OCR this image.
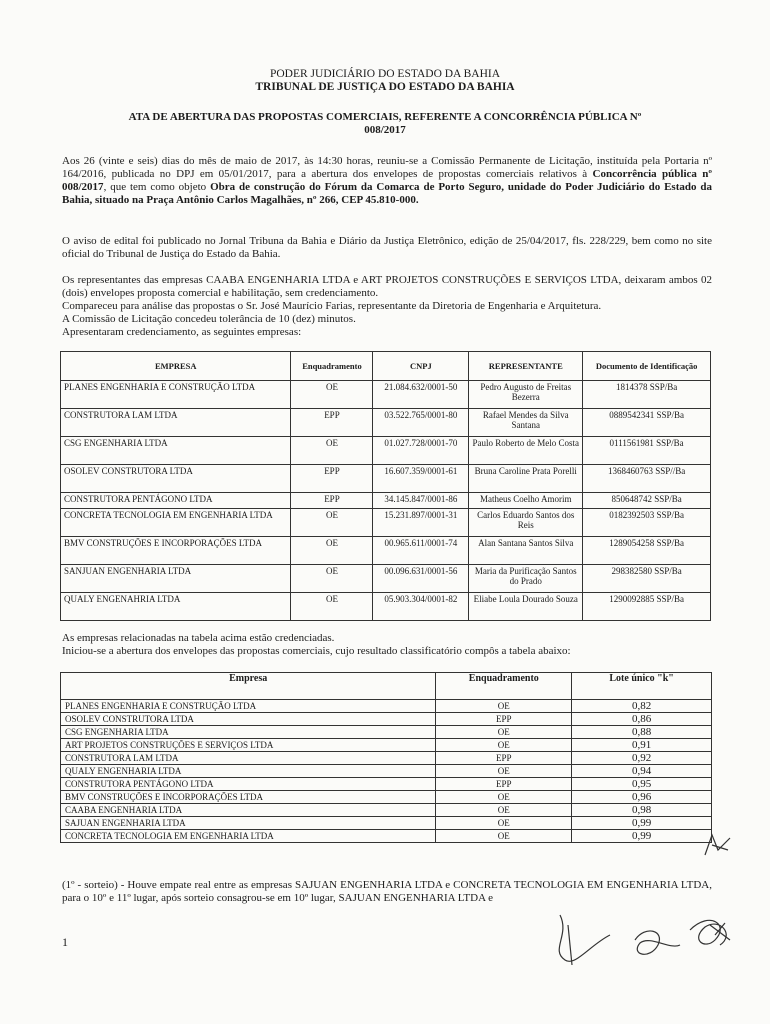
PODER JUDICIÁRIO DO ESTADO DA BAHIA
TRIBUNAL DE JUSTIÇA DO ESTADO DA BAHIA
ATA DE ABERTURA DAS PROPOSTAS COMERCIAIS, REFERENTE A CONCORRÊNCIA PÚBLICA Nº
008/2017
Aos 26 (vinte e seis) dias do mês de maio de 2017, às 14:30 horas, reuniu-se a Comissão Permanente de Licitação, instituída pela Portaria nº 164/2016, publicada no DPJ em 05/01/2017, para a abertura dos envelopes de propostas comerciais relativos à Concorrência pública nº 008/2017, que tem como objeto Obra de construção do Fórum da Comarca de Porto Seguro, unidade do Poder Judiciário do Estado da Bahia, situado na Praça Antônio Carlos Magalhães, nº 266, CEP 45.810-000.
O aviso de edital foi publicado no Jornal Tribuna da Bahia e Diário da Justiça Eletrônico, edição de 25/04/2017, fls. 228/229, bem como no site oficial do Tribunal de Justiça do Estado da Bahia.
Os representantes das empresas CAABA ENGENHARIA LTDA e ART PROJETOS CONSTRUÇÕES E SERVIÇOS LTDA, deixaram ambos 02 (dois) envelopes proposta comercial e habilitação, sem credenciamento.
Compareceu para análise das propostas o Sr. José Maurício Farias, representante da Diretoria de Engenharia e Arquitetura.
A Comissão de Licitação concedeu tolerância de 10 (dez) minutos.
Apresentaram credenciamento, as seguintes empresas:
EMPRESA	Enquadramento	CNPJ	REPRESENTANTE	Documento de Identificação
PLANES ENGENHARIA E CONSTRUÇÃO LTDA	OE	21.084.632/0001-50	Pedro Augusto de Freitas Bezerra	1814378 SSP/Ba
CONSTRUTORA LAM LTDA	EPP	03.522.765/0001-80	Rafael Mendes da Silva Santana	0889542341 SSP/Ba
CSG ENGENHARIA LTDA	OE	01.027.728/0001-70	Paulo Roberto de Melo Costa	0111561981 SSP/Ba
OSOLEV CONSTRUTORA LTDA	EPP	16.607.359/0001-61	Bruna Caroline Prata Porelli	1368460763 SSP//Ba
CONSTRUTORA PENTÁGONO LTDA	EPP	34.145.847/0001-86	Matheus Coelho Amorim	850648742 SSP/Ba
CONCRETA TECNOLOGIA EM ENGENHARIA LTDA	OE	15.231.897/0001-31	Carlos Eduardo Santos dos Reis	0182392503 SSP/Ba
BMV CONSTRUÇÕES E INCORPORAÇÕES LTDA	OE	00.965.611/0001-74	Alan Santana Santos Silva	1289054258 SSP/Ba
SANJUAN ENGENHARIA LTDA	OE	00.096.631/0001-56	Maria da Purificação Santos do Prado	298382580 SSP/Ba
QUALY ENGENAHRIA LTDA	OE	05.903.304/0001-82	Eliabe Loula Dourado Souza	1290092885 SSP/Ba
As empresas relacionadas na tabela acima estão credenciadas.
Iniciou-se a abertura dos envelopes das propostas comerciais, cujo resultado classificatório compôs a tabela abaixo:
Empresa	Enquadramento	Lote único "k"
PLANES ENGENHARIA E CONSTRUÇÃO LTDA	OE	0,82
OSOLEV CONSTRUTORA LTDA	EPP	0,86
CSG ENGENHARIA LTDA	OE	0,88
ART PROJETOS CONSTRUÇÕES E SERVIÇOS LTDA	OE	0,91
CONSTRUTORA LAM LTDA	EPP	0,92
QUALY ENGENHARIA LTDA	OE	0,94
CONSTRUTORA PENTÁGONO LTDA	EPP	0,95
BMV CONSTRUÇÕES E INCORPORAÇÕES LTDA	OE	0,96
CAABA ENGENHARIA LTDA	OE	0,98
SAJUAN ENGENHARIA LTDA	OE	0,99
CONCRETA TECNOLOGIA EM ENGENHARIA LTDA	OE	0,99
(1º - sorteio) - Houve empate real entre as empresas SAJUAN ENGENHARIA LTDA e CONCRETA TECNOLOGIA EM ENGENHARIA LTDA, para o 10º e 11º lugar, após sorteio consagrou-se em 10º lugar, SAJUAN ENGENHARIA LTDA e
1
